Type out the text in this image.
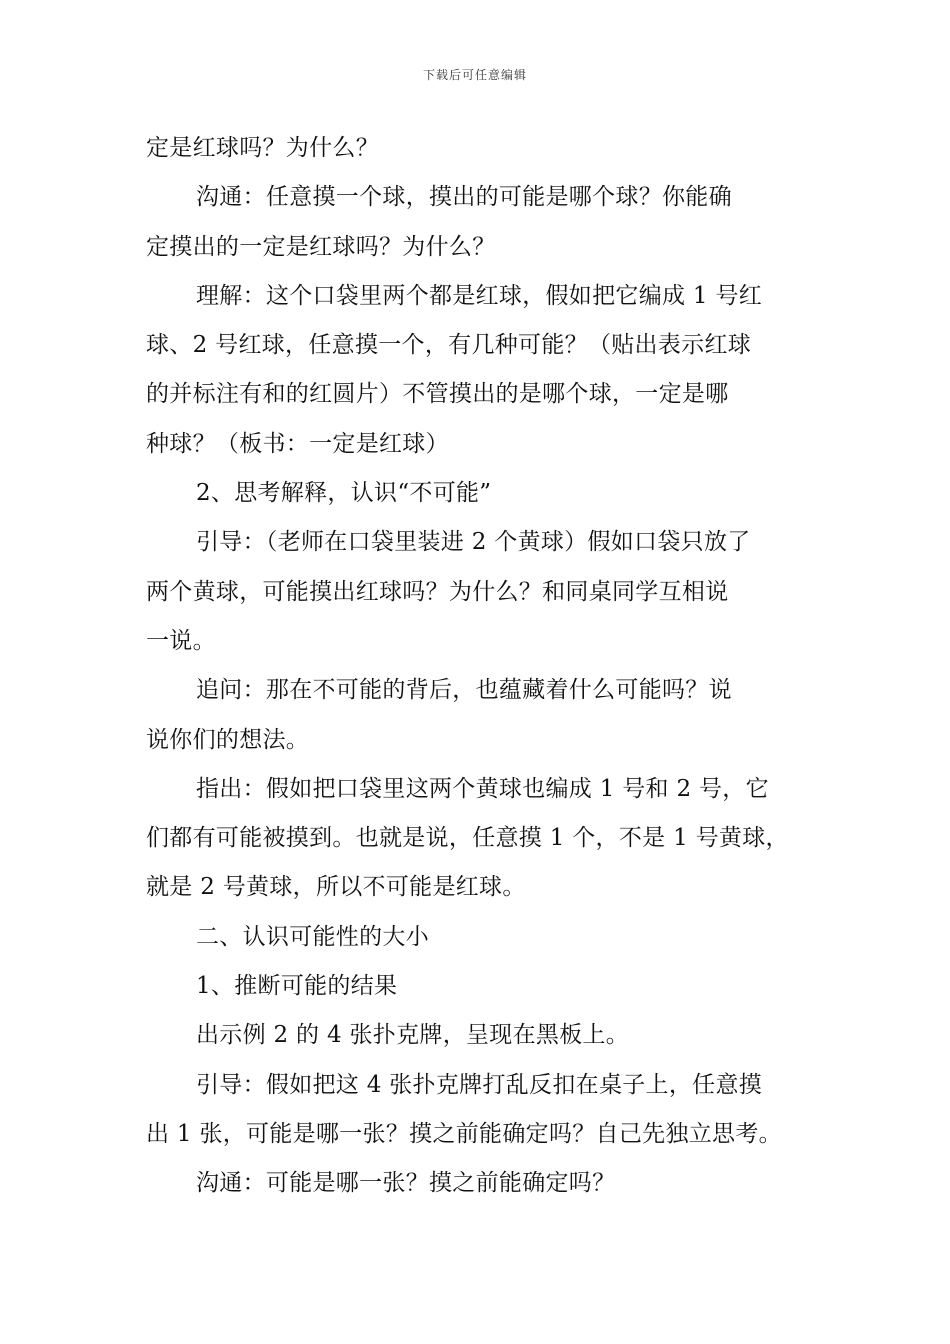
下载后可任意编辑

定是红球吗？为什么？

沟通：任意摸一个球，摸出的可能是哪个球？你能确

定摸出的一定是红球吗？为什么？

理解：这个口袋里两个都是红球，假如把它编成 1 号红

球、2 号红球，任意摸一个，有几种可能？（贴出表示红球

的并标注有和的红圆片）不管摸出的是哪个球，一定是哪

种球？（板书：一定是红球）

2、思考解释，认识“不可能”

引导：（老师在口袋里装进 2 个黄球）假如口袋只放了

两个黄球，可能摸出红球吗？为什么？和同桌同学互相说

一说。

追问：那在不可能的背后，也蕴藏着什么可能吗？说

说你们的想法。

指出：假如把口袋里这两个黄球也编成 1 号和 2 号，它

们都有可能被摸到。也就是说，任意摸 1 个，不是 1 号黄球，

就是 2 号黄球，所以不可能是红球。

二、认识可能性的大小

1、推断可能的结果

出示例 2 的 4 张扑克牌，呈现在黑板上。

引导：假如把这 4 张扑克牌打乱反扣在桌子上，任意摸

出 1 张，可能是哪一张？摸之前能确定吗？自己先独立思考。

沟通：可能是哪一张？摸之前能确定吗？
